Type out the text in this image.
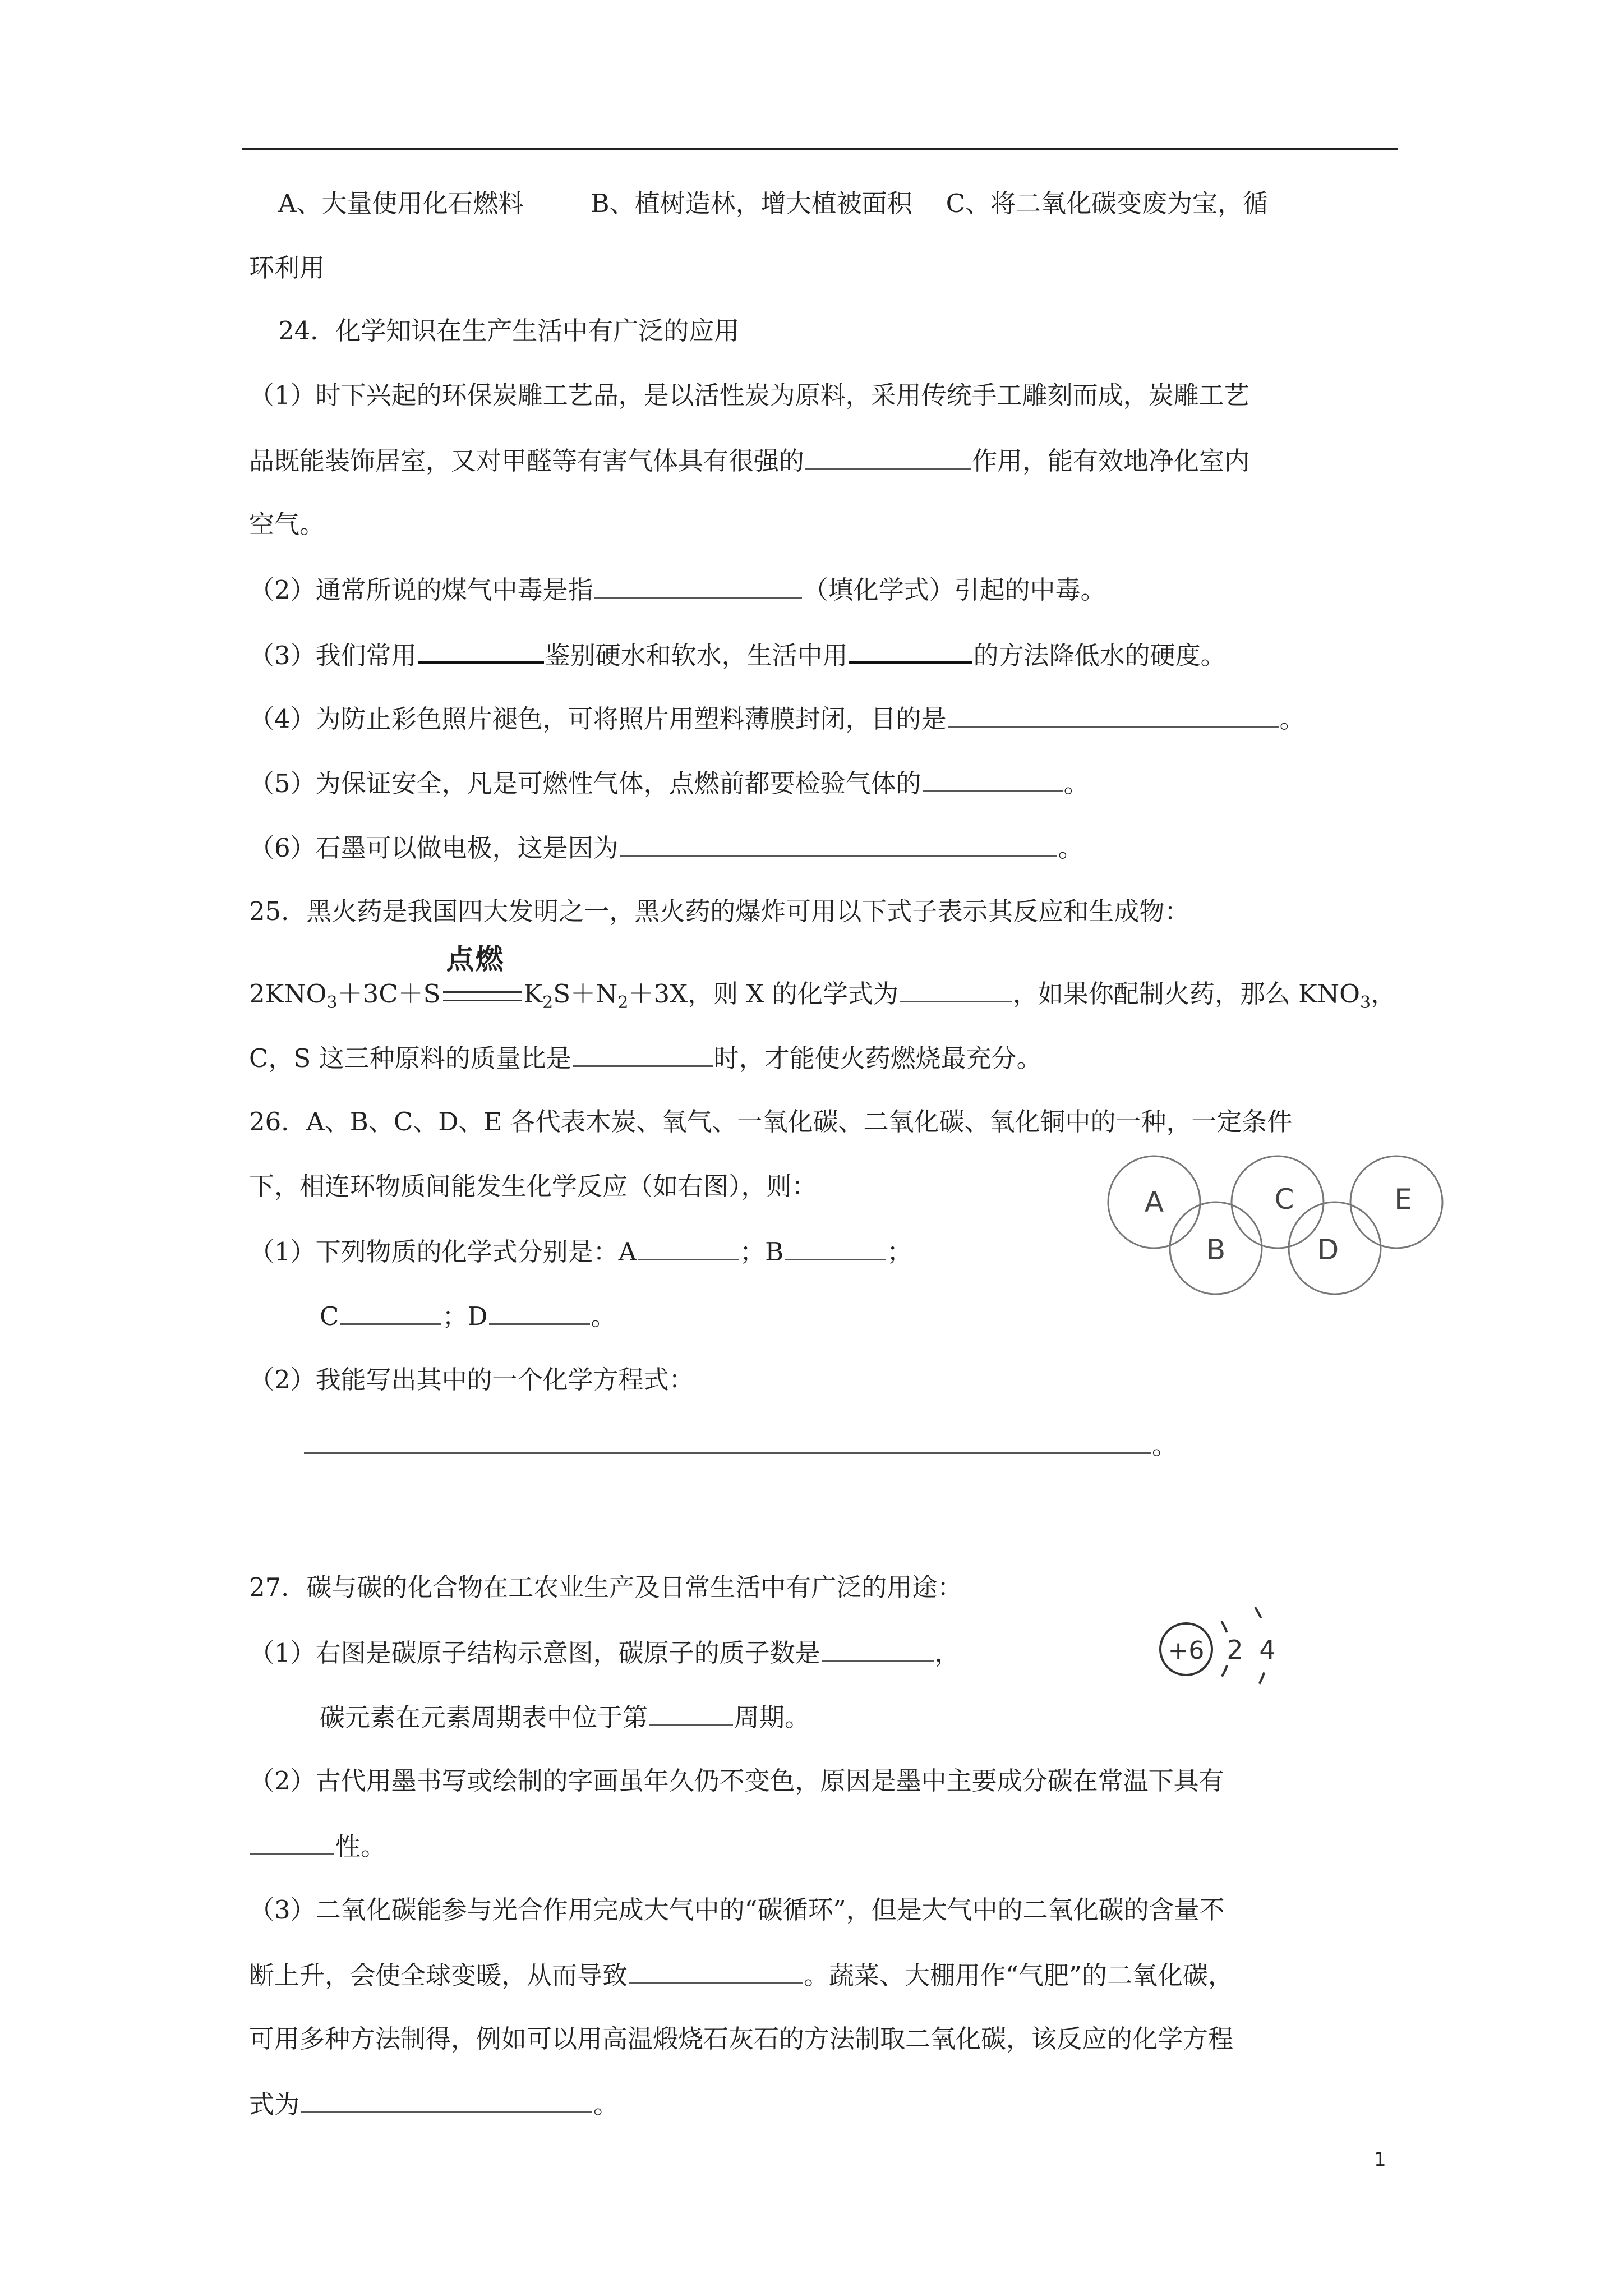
A、大量使用化石燃料	B、植树造林，增大植被面积 C、将二氧化碳变废为宝，循
环利用
24．化学知识在生产生活中有广泛的应用
（1）时下兴起的环保炭雕工艺品，是以活性炭为原料，采用传统手工雕刻而成，炭雕工艺
品既能装饰居室，又对甲醛等有害气体具有很强的	作用，能有效地净化室内
空气。
（2）通常所说的煤气中毒是指	（填化学式）引起的中毒。
（3）我们常用	鉴别硬水和软水，生活中用	的方法降低水的硬度。
（4）为防止彩色照片褪色，可将照片用塑料薄膜封闭，目的是	。
（5）为保证安全，凡是可燃性气体，点燃前都要检验气体的	。
（6）石墨可以做电极，这是因为	。
25．黑火药是我国四大发明之一，黑火药的爆炸可用以下式子表示其反应和生成物：
$2KNO_3+3C+S$
点燃
$K_2S+N_2+3X$，则 X 的化学式为	，如果你配制火药，那么 $KNO_3$，
C，S 这三种原料的质量比是	时，才能使火药燃烧最充分。
26．A、B、C、D、E 各代表木炭、氧气、一氧化碳、二氧化碳、氧化铜中的一种，一定条件
下，相连环物质间能发生化学反应（如右图），则：
（1）下列物质的化学式分别是：A	；B	；
C	；D	。
（2）我能写出其中的一个化学方程式：
。
A
B
C
D
E
27．碳与碳的化合物在工农业生产及日常生活中有广泛的用途：
（1）右图是碳原子结构示意图，碳原子的质子数是	，
碳元素在元素周期表中位于第	周期。
+6 2 4
（2）古代用墨书写或绘制的字画虽年久仍不变色，原因是墨中主要成分碳在常温下具有
性。
（3）二氧化碳能参与光合作用完成大气中的“碳循环”，但是大气中的二氧化碳的含量不
断上升，会使全球变暖，从而导致	。蔬菜、大棚用作“气肥”的二氧化碳，
可用多种方法制得，例如可以用高温煅烧石灰石的方法制取二氧化碳，该反应的化学方程
式为	。
1
